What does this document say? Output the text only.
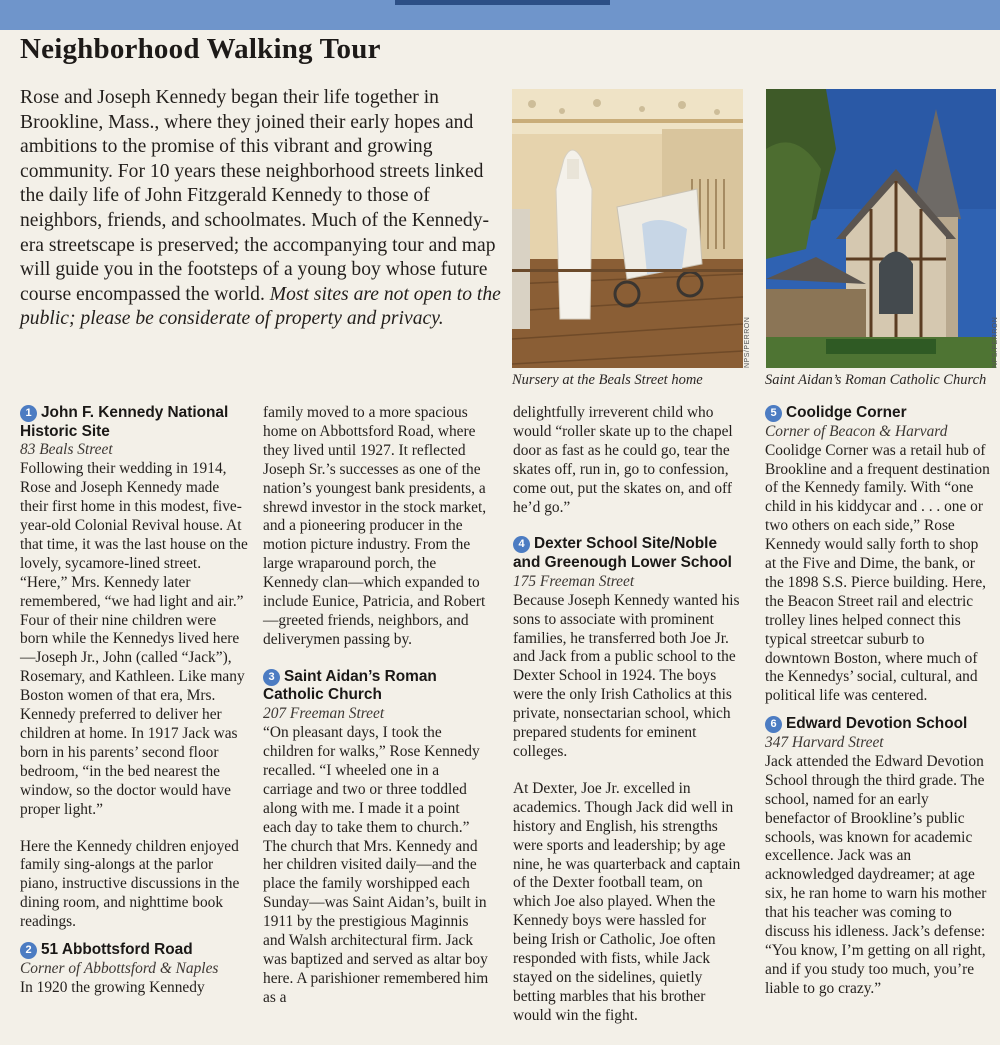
Neighborhood Walking Tour
Rose and Joseph Kennedy began their life together in Brookline, Mass., where they joined their early hopes and ambitions to the promise of this vibrant and growing community. For 10 years these neighborhood streets linked the daily life of John Fitzgerald Kennedy to those of neighbors, friends, and schoolmates. Much of the Kennedy-era streetscape is preserved; the accompanying tour and map will guide you in the footsteps of a young boy whose future course encompassed the world. Most sites are not open to the public; please be considerate of property and privacy.	NPS/PERRON
Nursery at the Beals Street home
NPS/PERRON
Saint Aidan’s Roman Catholic Church
1 John F. Kennedy National Historic Site

83 Beals Street

Following their wedding in 1914, Rose and Joseph Kennedy made their first home in this modest, five-year-old Colonial Revival house. At that time, it was the last house on the lovely, sycamore-lined street. “Here,” Mrs. Kennedy later remembered, “we had light and air.” Four of their nine children were born while the Kennedys lived here—Joseph Jr., John (called “Jack”), Rosemary, and Kathleen. Like many Boston women of that era, Mrs. Kennedy preferred to deliver her children at home. In 1917 Jack was born in his parents’ second floor bedroom, “in the bed nearest the window, so the doctor would have proper light.”

Here the Kennedy children enjoyed family sing-alongs at the parlor piano, instructive discussions in the dining room, and nighttime book readings.

2 51 Abbottsford Road

Corner of Abbottsford & Naples

In 1920 the growing Kennedy

family moved to a more spacious home on Abbottsford Road, where they lived until 1927. It reflected Joseph Sr.’s successes as one of the nation’s youngest bank presidents, a shrewd investor in the stock market, and a pioneering producer in the motion picture industry. From the large wraparound porch, the Kennedy clan—which expanded to include Eunice, Patricia, and Robert—greeted friends, neighbors, and deliverymen passing by.

3 Saint Aidan’s Roman Catholic Church

207 Freeman Street

“On pleasant days, I took the children for walks,” Rose Kennedy recalled. “I wheeled one in a carriage and two or three toddled along with me. I made it a point each day to take them to church.” The church that Mrs. Kennedy and her children visited daily—and the place the family worshipped each Sunday—was Saint Aidan’s, built in 1911 by the prestigious Maginnis and Walsh architectural firm. Jack was baptized and served as altar boy here. A parishioner remembered him as a

delightfully irreverent child who would “roller skate up to the chapel door as fast as he could go, tear the skates off, run in, go to confession, come out, put the skates on, and off he’d go.”

4 Dexter School Site/Noble and Greenough Lower School

175 Freeman Street

Because Joseph Kennedy wanted his sons to associate with prominent families, he transferred both Joe Jr. and Jack from a public school to the Dexter School in 1924. The boys were the only Irish Catholics at this private, nonsectarian school, which prepared students for eminent colleges.

At Dexter, Joe Jr. excelled in academics. Though Jack did well in history and English, his strengths were sports and leadership; by age nine, he was quarterback and captain of the Dexter football team, on which Joe also played. When the Kennedy boys were hassled for being Irish or Catholic, Joe often responded with fists, while Jack stayed on the sidelines, quietly betting marbles that his brother would win the fight.

5 Coolidge Corner

Corner of Beacon & Harvard

Coolidge Corner was a retail hub of Brookline and a frequent destination of the Kennedy family. With “one child in his kiddycar and . . . one or two others on each side,” Rose Kennedy would sally forth to shop at the Five and Dime, the bank, or the 1898 S.S. Pierce building. Here, the Beacon Street rail and electric trolley lines helped connect this typical streetcar suburb to downtown Boston, where much of the Kennedys’ social, cultural, and political life was centered.

6 Edward Devotion School

347 Harvard Street

Jack attended the Edward Devotion School through the third grade. The school, named for an early benefactor of Brookline’s public schools, was known for academic excellence. Jack was an acknowledged daydreamer; at age six, he ran home to warn his mother that his teacher was coming to discuss his idleness. Jack’s defense: “You know, I’m getting on all right, and if you study too much, you’re liable to go crazy.”
